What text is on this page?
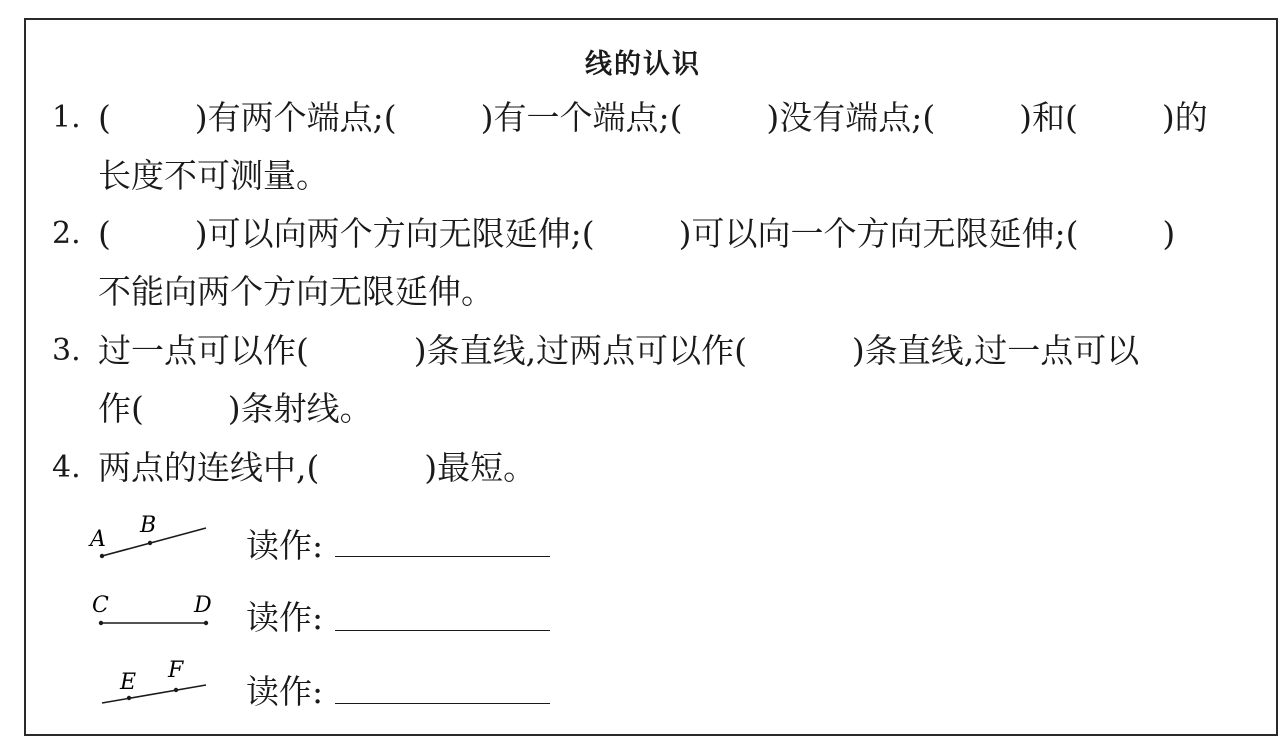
线的认识
1. (        )有两个端点;(        )有一个端点;(        )没有端点;(        )和(        )的
长度不可测量。
2. (        )可以向两个方向无限延伸;(        )可以向一个方向无限延伸;(        )
不能向两个方向无限延伸。
3. 过一点可以作(          )条直线,过两点可以作(          )条直线,过一点可以
作(        )条射线。
4. 两点的连线中,(          )最短。
A
B
读作:
C	D 读作:
E F
读作:
